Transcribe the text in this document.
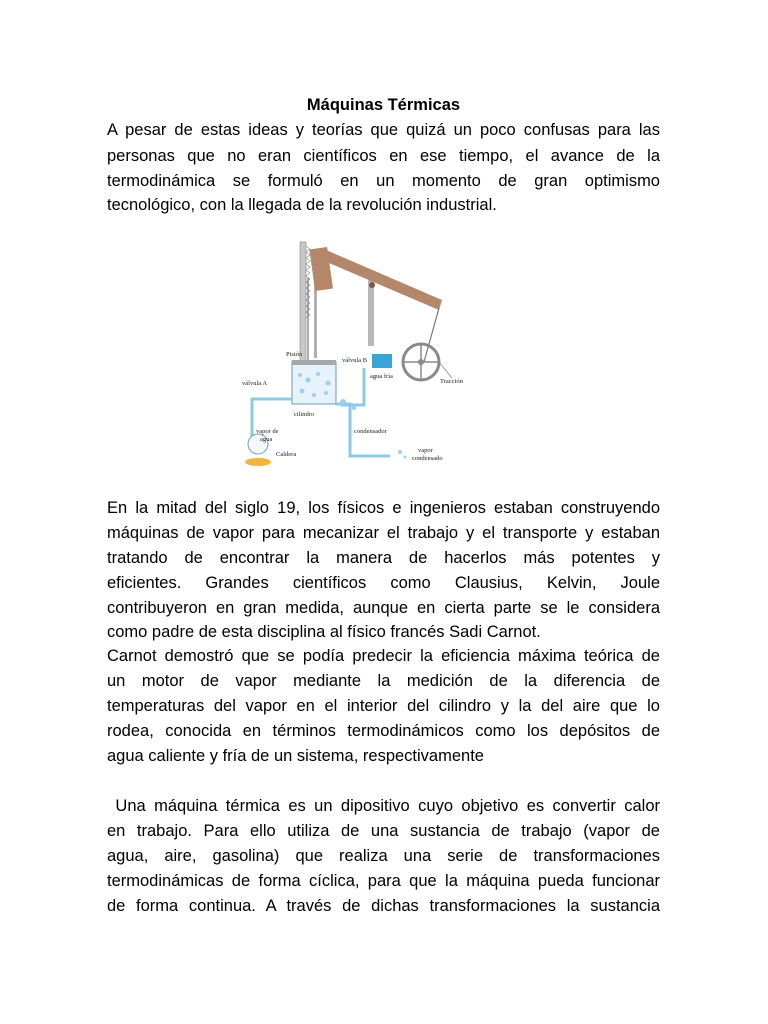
Máquinas Térmicas

A pesar de estas ideas y teorías que quizá un poco confusas para las

personas que no eran científicos en ese tiempo, el avance de la

termodinámica se formuló en un momento de gran optimismo

tecnológico, con la llegada de la revolución industrial.

Pistón
válvula A
válvula B
agua fría
Tracción
cilindro
vapor de
agua
Caldera
condensador
vapor
condensado

En la mitad del siglo 19, los físicos e ingenieros estaban construyendo

máquinas de vapor para mecanizar el trabajo y el transporte y estaban

tratando de encontrar la manera de hacerlos más potentes y

eficientes. Grandes científicos como Clausius, Kelvin, Joule

contribuyeron en gran medida, aunque en cierta parte se le considera

como padre de esta disciplina al físico francés Sadi Carnot.

Carnot demostró que se podía predecir la eficiencia máxima teórica de

un motor de vapor mediante la medición de la diferencia de

temperaturas del vapor en el interior del cilindro y la del aire que lo

rodea, conocida en términos termodinámicos como los depósitos de

agua caliente y fría de un sistema, respectivamente

Una máquina térmica es un dipositivo cuyo objetivo es convertir calor

en trabajo. Para ello utiliza de una sustancia de trabajo (vapor de

agua, aire, gasolina) que realiza una serie de transformaciones

termodinámicas de forma cíclica, para que la máquina pueda funcionar

de forma continua. A través de dichas transformaciones la sustancia
